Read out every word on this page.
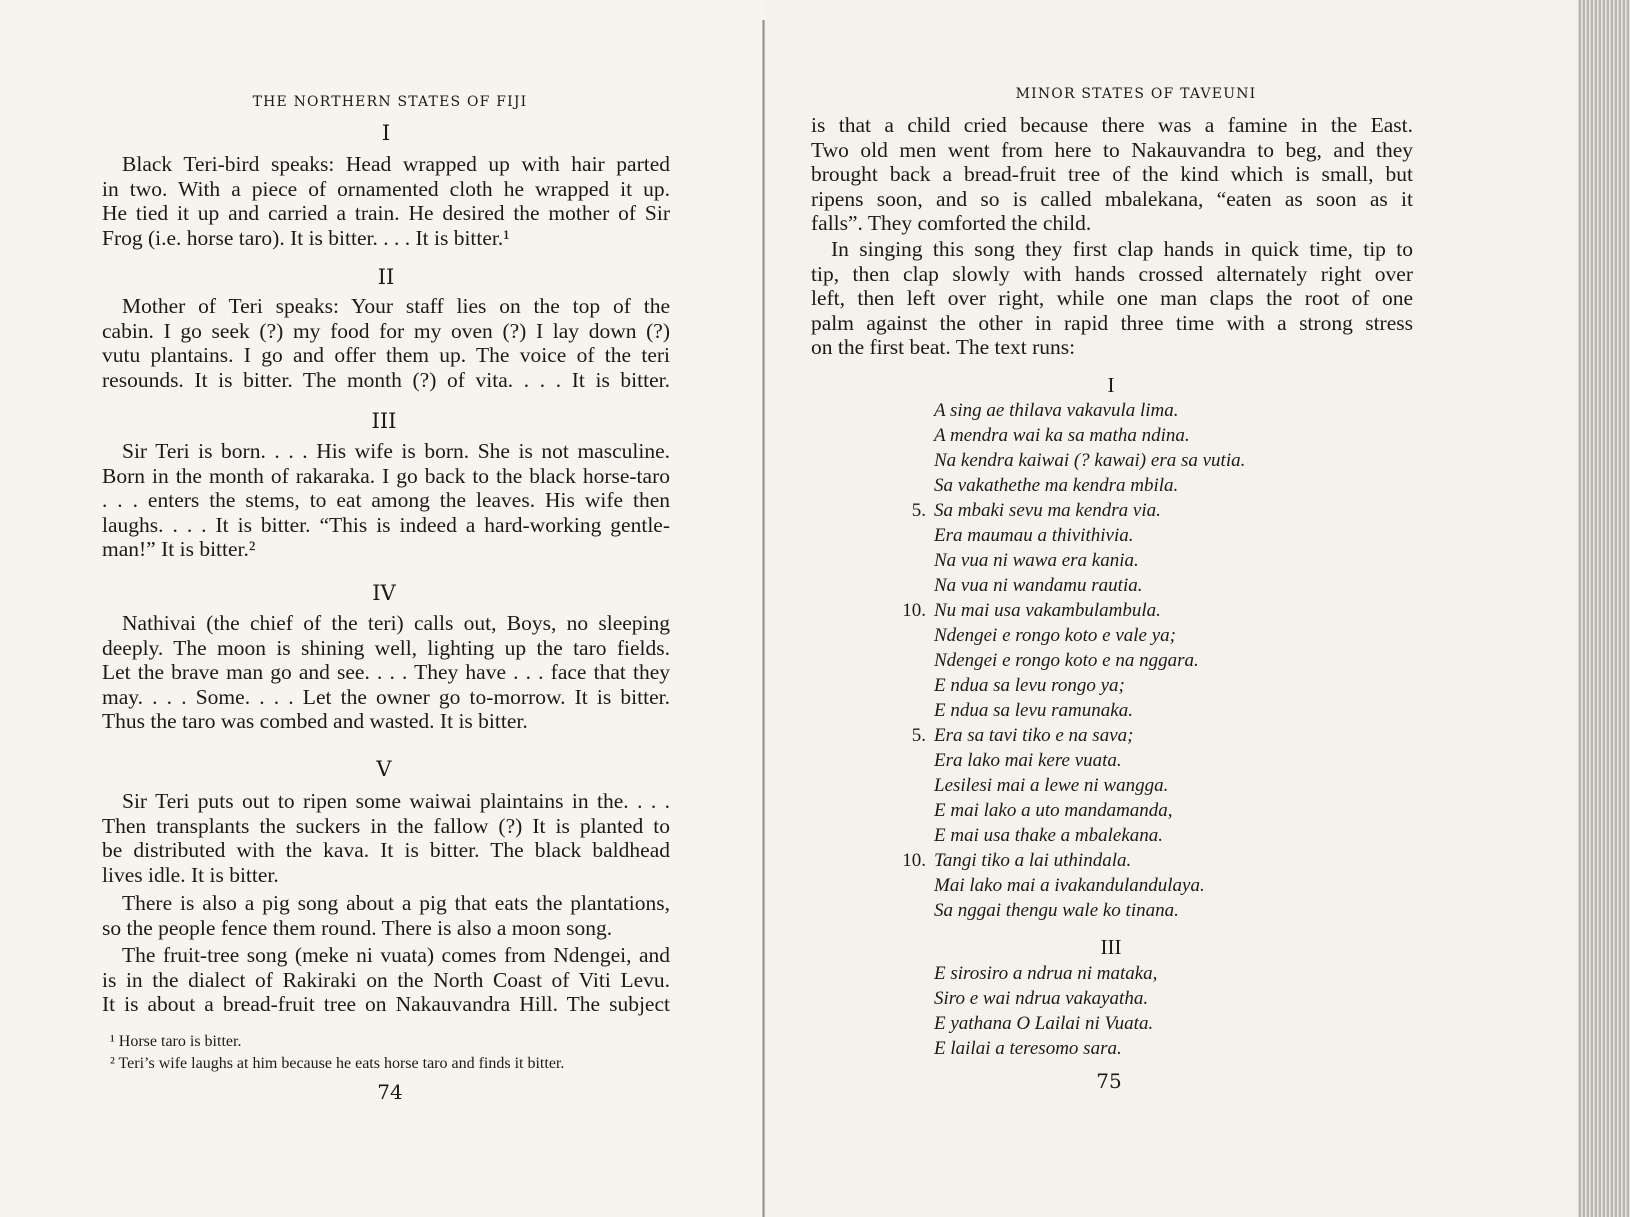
THE NORTHERN STATES OF FIJI
I
Black Teri-bird speaks: Head wrapped up with hair parted
in two. With a piece of ornamented cloth he wrapped it up.
He tied it up and carried a train. He desired the mother of Sir
Frog (i.e. horse taro). It is bitter. . . . It is bitter.¹
II
Mother of Teri speaks: Your staff lies on the top of the
cabin. I go seek (?) my food for my oven (?) I lay down (?)
vutu plantains. I go and offer them up. The voice of the teri
resounds. It is bitter. The month (?) of vita. . . . It is bitter.
III
Sir Teri is born. . . . His wife is born. She is not masculine.
Born in the month of rakaraka. I go back to the black horse-taro
. . . enters the stems, to eat among the leaves. His wife then
laughs. . . . It is bitter. “This is indeed a hard-working gentle-
man!” It is bitter.²
IV
Nathivai (the chief of the teri) calls out, Boys, no sleeping
deeply. The moon is shining well, lighting up the taro fields.
Let the brave man go and see. . . . They have . . . face that they
may. . . . Some. . . . Let the owner go to-morrow. It is bitter.
Thus the taro was combed and wasted. It is bitter.
V
Sir Teri puts out to ripen some waiwai plaintains in the. . . .
Then transplants the suckers in the fallow (?) It is planted to
be distributed with the kava. It is bitter. The black baldhead
lives idle. It is bitter.
There is also a pig song about a pig that eats the plantations,
so the people fence them round. There is also a moon song.
The fruit-tree song (meke ni vuata) comes from Ndengei, and
is in the dialect of Rakiraki on the North Coast of Viti Levu.
It is about a bread-fruit tree on Nakauvandra Hill. The subject
¹ Horse taro is bitter.
² Teri’s wife laughs at him because he eats horse taro and finds it bitter.
74
MINOR STATES OF TAVEUNI
is that a child cried because there was a famine in the East.
Two old men went from here to Nakauvandra to beg, and they
brought back a bread-fruit tree of the kind which is small, but
ripens soon, and so is called mbalekana, “eaten as soon as it
falls”. They comforted the child.
In singing this song they first clap hands in quick time, tip to
tip, then clap slowly with hands crossed alternately right over
left, then left over right, while one man claps the root of one
palm against the other in rapid three time with a strong stress
on the first beat. The text runs:
I
A sing ae thilava vakavula lima.
A mendra wai ka sa matha ndina.
Na kendra kaiwai (? kawai) era sa vutia.
Sa vakathethe ma kendra mbila.
5. Sa mbaki sevu ma kendra via.
Era maumau a thivithivia.
Na vua ni wawa era kania.
Na vua ni wandamu rautia.
10. Nu mai usa vakambulambula.
Ndengei e rongo koto e vale ya;
Ndengei e rongo koto e na nggara.
E ndua sa levu rongo ya;
E ndua sa levu ramunaka.
5. Era sa tavi tiko e na sava;
Era lako mai kere vuata.
Lesilesi mai a lewe ni wangga.
E mai lako a uto mandamanda,
E mai usa thake a mbalekana.
10. Tangi tiko a lai uthindala.
Mai lako mai a ivakandulandulaya.
Sa nggai thengu wale ko tinana.
III
E sirosiro a ndrua ni mataka,
Siro e wai ndrua vakayatha.
E yathana O Lailai ni Vuata.
E lailai a teresomo sara.
75
